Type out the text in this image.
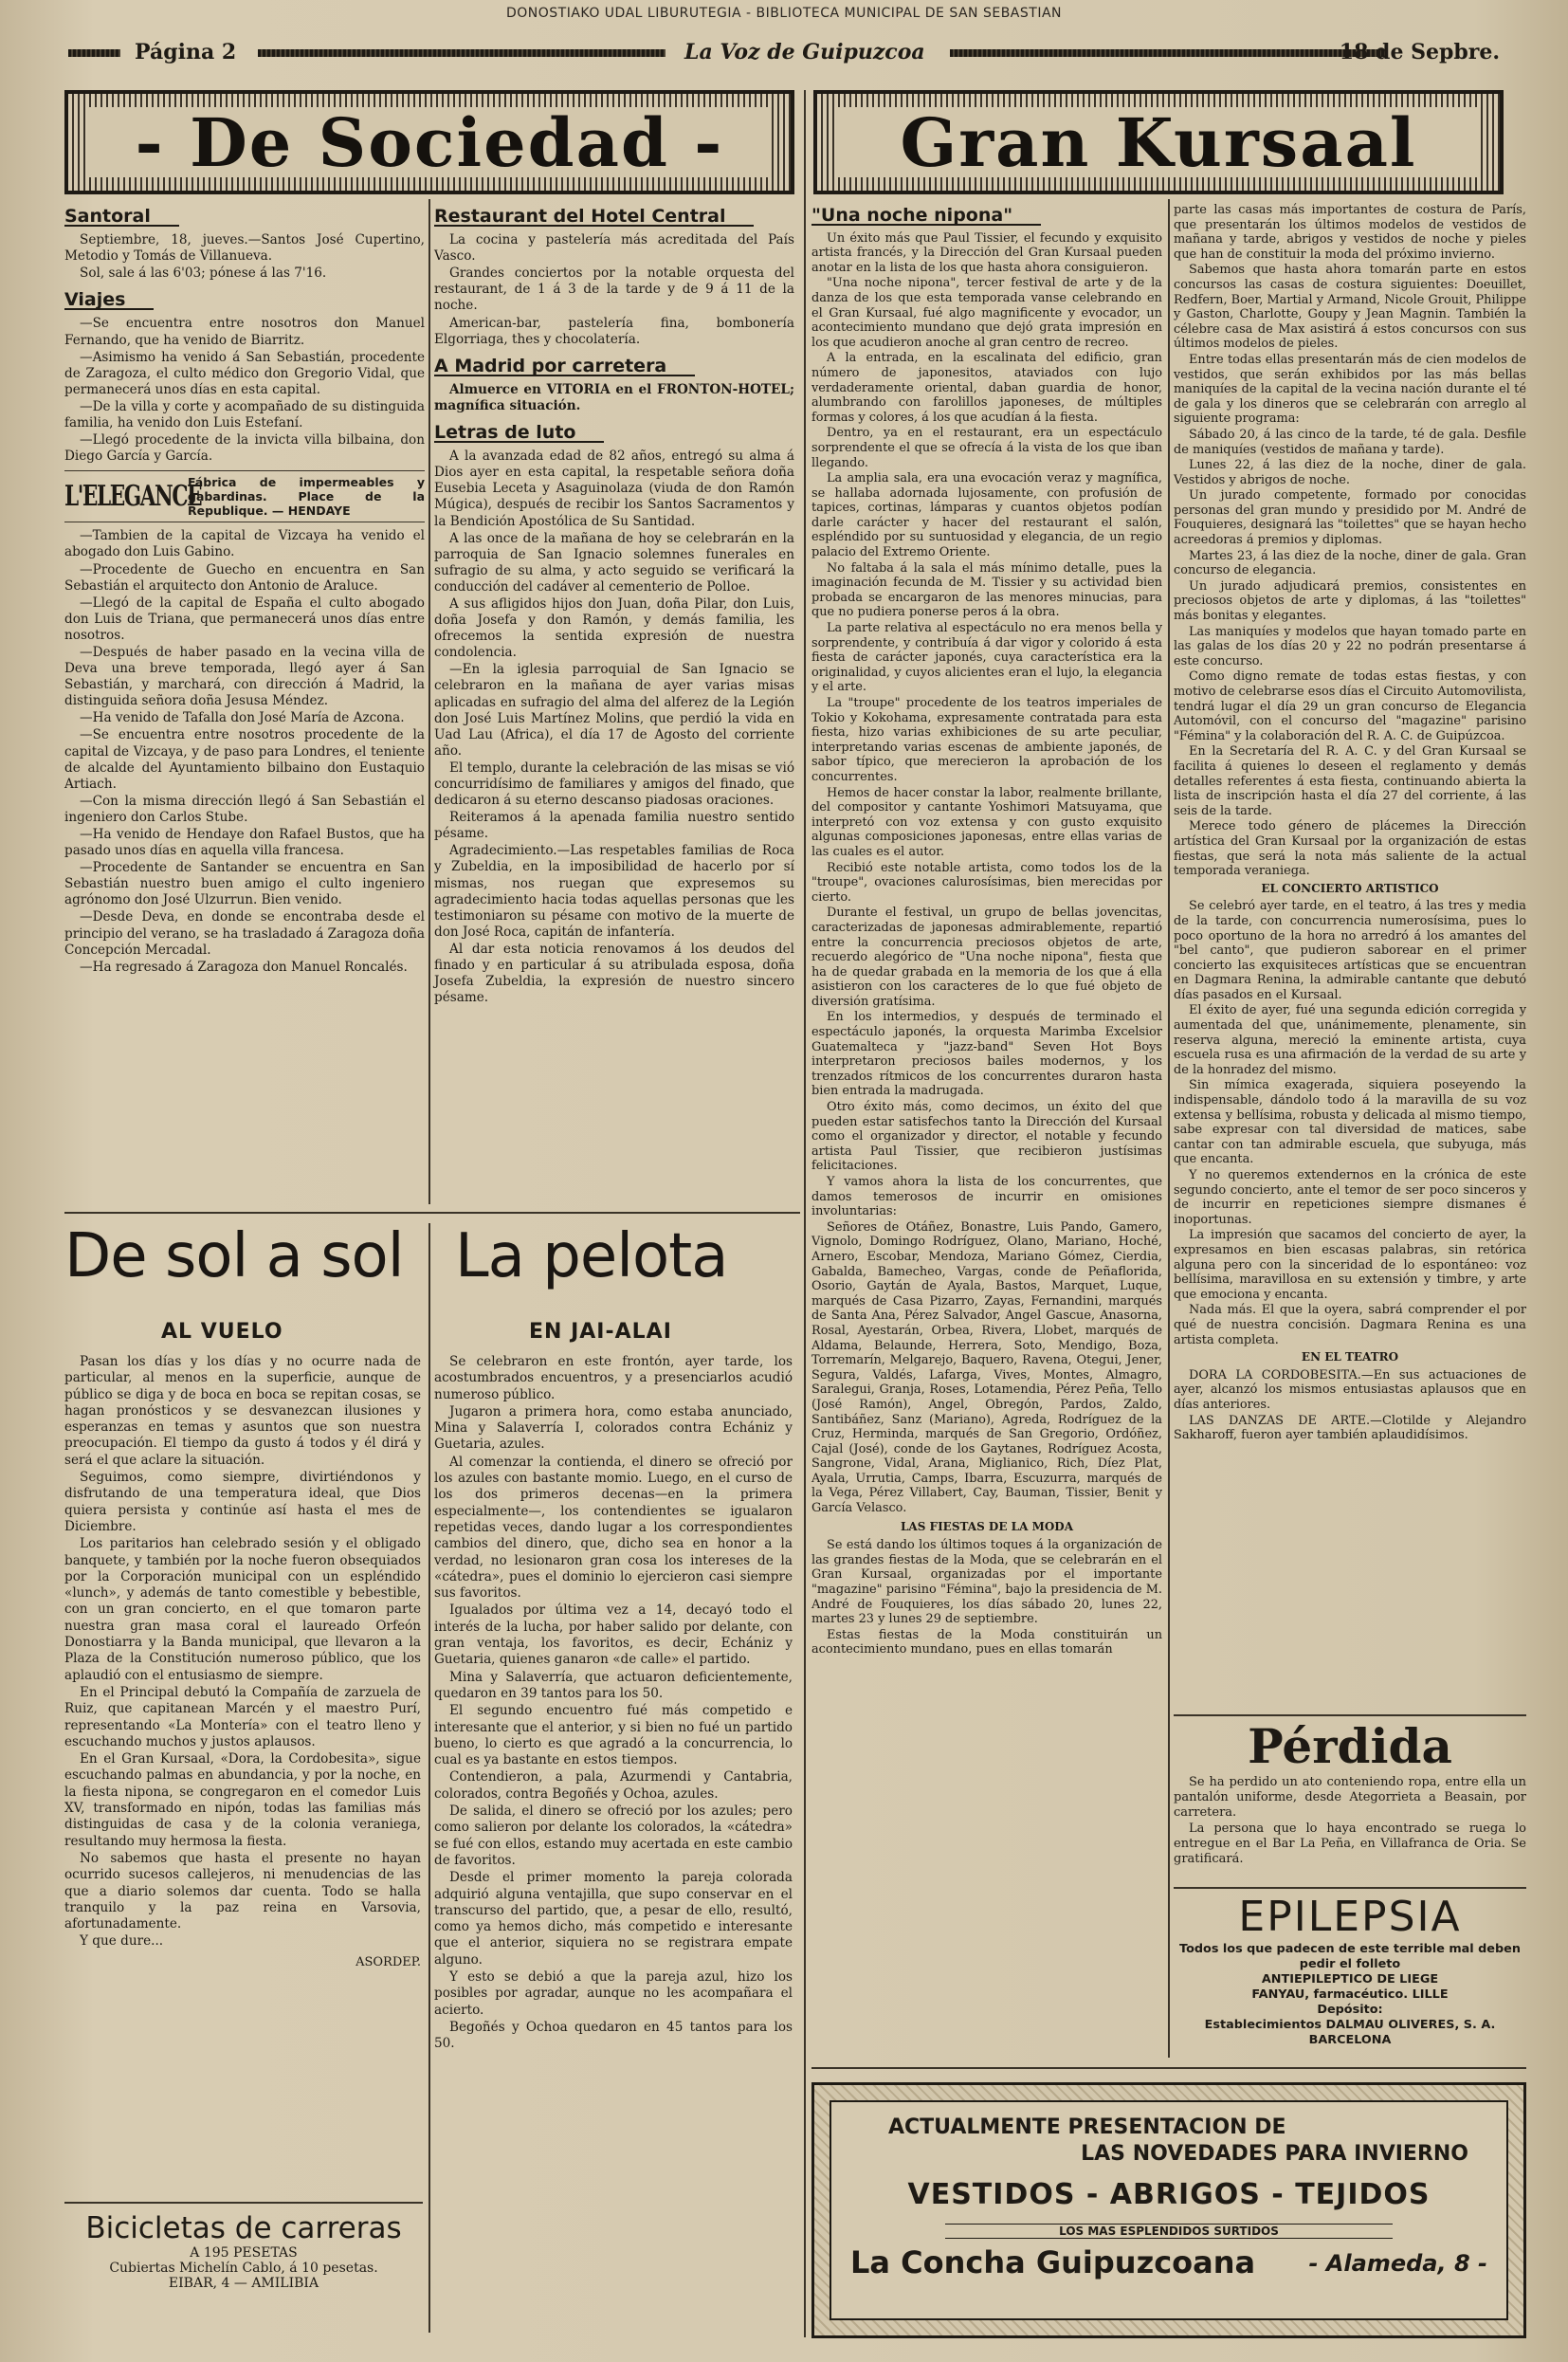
DONOSTIAKO UDAL LIBURUTEGIA - BIBLIOTECA MUNICIPAL DE SAN SEBASTIAN
Página 2	La Voz de Guipuzcoa	18 de Sepbre.
- De Sociedad -	Gran Kursaal
Santoral

Septiembre, 18, jueves.—Santos José Cupertino, Metodio y Tomás de Villanueva.

Sol, sale á las 6'03; pónese á las 7'16.

Viajes

—Se encuentra entre nosotros don Manuel Fernando, que ha venido de Biarritz.

—Asimismo ha venido á San Sebastián, procedente de Zaragoza, el culto médico don Gregorio Vidal, que permanecerá unos días en esta capital.

—De la villa y corte y acompañado de su distinguida familia, ha venido don Luis Estefaní.

—Llegó procedente de la invicta villa bilbaina, don Diego García y García.

L'ELEGANCE
Fábrica de impermeables y gabardinas. Place de la Republique. — HENDAYE

—Tambien de la capital de Vizcaya ha venido el abogado don Luis Gabino.

—Procedente de Guecho en encuentra en San Sebastián el arquitecto don Antonio de Araluce.

—Llegó de la capital de España el culto abogado don Luis de Triana, que permanecerá unos días entre nosotros.

—Después de haber pasado en la vecina villa de Deva una breve temporada, llegó ayer á San Sebastián, y marchará, con dirección á Madrid, la distinguida señora doña Jesusa Méndez.

—Ha venido de Tafalla don José María de Azcona.

—Se encuentra entre nosotros procedente de la capital de Vizcaya, y de paso para Londres, el teniente de alcalde del Ayuntamiento bilbaino don Eustaquio Artiach.

—Con la misma dirección llegó á San Sebastián el ingeniero don Carlos Stube.

—Ha venido de Hendaye don Rafael Bustos, que ha pasado unos días en aquella villa francesa.

—Procedente de Santander se encuentra en San Sebastián nuestro buen amigo el culto ingeniero agrónomo don José Ulzurrun. Bien venido.

—Desde Deva, en donde se encontraba desde el principio del verano, se ha trasladado á Zaragoza doña Concepción Mercadal.

—Ha regresado á Zaragoza don Manuel Roncalés.

Restaurant del Hotel Central

La cocina y pastelería más acreditada del País Vasco.

Grandes conciertos por la notable orquesta del restaurant, de 1 á 3 de la tarde y de 9 á 11 de la noche.

American-bar, pastelería fina, bombonería Elgorriaga, thes y chocolatería.

A Madrid por carretera

Almuerce en VITORIA en el FRONTON-HOTEL; magnífica situación.

Letras de luto

A la avanzada edad de 82 años, entregó su alma á Dios ayer en esta capital, la respetable señora doña Eusebia Leceta y Asaguinolaza (viuda de don Ramón Múgica), después de recibir los Santos Sacramentos y la Bendición Apostólica de Su Santidad.

A las once de la mañana de hoy se celebrarán en la parroquia de San Ignacio solemnes funerales en sufragio de su alma, y acto seguido se verificará la conducción del cadáver al cementerio de Polloe.

A sus afligidos hijos don Juan, doña Pilar, don Luis, doña Josefa y don Ramón, y demás familia, les ofrecemos la sentida expresión de nuestra condolencia.

—En la iglesia parroquial de San Ignacio se celebraron en la mañana de ayer varias misas aplicadas en sufragio del alma del alferez de la Legión don José Luis Martínez Molins, que perdió la vida en Uad Lau (Africa), el día 17 de Agosto del corriente año.

El templo, durante la celebración de las misas se vió concurridísimo de familiares y amigos del finado, que dedicaron á su eterno descanso piadosas oraciones.

Reiteramos á la apenada familia nuestro sentido pésame.

Agradecimiento.—Las respetables familias de Roca y Zubeldia, en la imposibilidad de hacerlo por sí mismas, nos ruegan que expresemos su agradecimiento hacia todas aquellas personas que les testimoniaron su pésame con motivo de la muerte de don José Roca, capitán de infantería.

Al dar esta noticia renovamos á los deudos del finado y en particular á su atribulada esposa, doña Josefa Zubeldia, la expresión de nuestro sincero pésame.

De sol a sol
AL VUELO

Pasan los días y los días y no ocurre nada de particular, al menos en la superficie, aunque de público se diga y de boca en boca se repitan cosas, se hagan pronósticos y se desvanezcan ilusiones y esperanzas en temas y asuntos que son nuestra preocupación. El tiempo da gusto á todos y él dirá y será el que aclare la situación.

Seguimos, como siempre, divirtiéndonos y disfrutando de una temperatura ideal, que Dios quiera persista y continúe así hasta el mes de Diciembre.

Los paritarios han celebrado sesión y el obligado banquete, y también por la noche fueron obsequiados por la Corporación municipal con un espléndido «lunch», y además de tanto comestible y bebestible, con un gran concierto, en el que tomaron parte nuestra gran masa coral el laureado Orfeón Donostiarra y la Banda municipal, que llevaron a la Plaza de la Constitución numeroso público, que los aplaudió con el entusiasmo de siempre.

En el Principal debutó la Compañía de zarzuela de Ruiz, que capitanean Marcén y el maestro Purí, representando «La Montería» con el teatro lleno y escuchando muchos y justos aplausos.

En el Gran Kursaal, «Dora, la Cordobesita», sigue escuchando palmas en abundancia, y por la noche, en la fiesta nipona, se congregaron en el comedor Luis XV, transformado en nipón, todas las familias más distinguidas de casa y de la colonia veraniega, resultando muy hermosa la fiesta.

No sabemos que hasta el presente no hayan ocurrido sucesos callejeros, ni menudencias de las que a diario solemos dar cuenta. Todo se halla tranquilo y la paz reina en Varsovia, afortunadamente.

Y que dure...

ASORDEP.
Bicicletas de carreras
A 195 PESETAS
Cubiertas Michelín Cablo, á 10 pesetas.
EIBAR, 4 — AMILIBIA
La pelota
EN JAI-ALAI

Se celebraron en este frontón, ayer tarde, los acostumbrados encuentros, y a presenciarlos acudió numeroso público.

Jugaron a primera hora, como estaba anunciado, Mina y Salaverría I, colorados contra Echániz y Guetaria, azules.

Al comenzar la contienda, el dinero se ofreció por los azules con bastante momio. Luego, en el curso de los dos primeros decenas—en la primera especialmente—, los contendientes se igualaron repetidas veces, dando lugar a los correspondientes cambios del dinero, que, dicho sea en honor a la verdad, no lesionaron gran cosa los intereses de la «cátedra», pues el dominio lo ejercieron casi siempre sus favoritos.

Igualados por última vez a 14, decayó todo el interés de la lucha, por haber salido por delante, con gran ventaja, los favoritos, es decir, Echániz y Guetaria, quienes ganaron «de calle» el partido.

Mina y Salaverría, que actuaron deficientemente, quedaron en 39 tantos para los 50.

El segundo encuentro fué más competido e interesante que el anterior, y si bien no fué un partido bueno, lo cierto es que agradó a la concurrencia, lo cual es ya bastante en estos tiempos.

Contendieron, a pala, Azurmendi y Cantabria, colorados, contra Begoñés y Ochoa, azules.

De salida, el dinero se ofreció por los azules; pero como salieron por delante los colorados, la «cátedra» se fué con ellos, estando muy acertada en este cambio de favoritos.

Desde el primer momento la pareja colorada adquirió alguna ventajilla, que supo conservar en el transcurso del partido, que, a pesar de ello, resultó, como ya hemos dicho, más competido e interesante que el anterior, siquiera no se registrara empate alguno.

Y esto se debió a que la pareja azul, hizo los posibles por agradar, aunque no les acompañara el acierto.

Begoñés y Ochoa quedaron en 45 tantos para los 50.

"Una noche nipona"

Un éxito más que Paul Tissier, el fecundo y exquisito artista francés, y la Dirección del Gran Kursaal pueden anotar en la lista de los que hasta ahora consiguieron.

"Una noche nipona", tercer festival de arte y de la danza de los que esta temporada vanse celebrando en el Gran Kursaal, fué algo magnificente y evocador, un acontecimiento mundano que dejó grata impresión en los que acudieron anoche al gran centro de recreo.

A la entrada, en la escalinata del edificio, gran número de japonesitos, ataviados con lujo verdaderamente oriental, daban guardia de honor, alumbrando con farolillos japoneses, de múltiples formas y colores, á los que acudían á la fiesta.

Dentro, ya en el restaurant, era un espectáculo sorprendente el que se ofrecía á la vista de los que iban llegando.

La amplia sala, era una evocación veraz y magnífica, se hallaba adornada lujosamente, con profusión de tapices, cortinas, lámparas y cuantos objetos podían darle carácter y hacer del restaurant el salón, espléndido por su suntuosidad y elegancia, de un regio palacio del Extremo Oriente.

No faltaba á la sala el más mínimo detalle, pues la imaginación fecunda de M. Tissier y su actividad bien probada se encargaron de las menores minucias, para que no pudiera ponerse peros á la obra.

La parte relativa al espectáculo no era menos bella y sorprendente, y contribuía á dar vigor y colorido á esta fiesta de carácter japonés, cuya característica era la originalidad, y cuyos alicientes eran el lujo, la elegancia y el arte.

La "troupe" procedente de los teatros imperiales de Tokio y Kokohama, expresamente contratada para esta fiesta, hizo varias exhibiciones de su arte peculiar, interpretando varias escenas de ambiente japonés, de sabor típico, que merecieron la aprobación de los concurrentes.

Hemos de hacer constar la labor, realmente brillante, del compositor y cantante Yoshimori Matsuyama, que interpretó con voz extensa y con gusto exquisito algunas composiciones japonesas, entre ellas varias de las cuales es el autor.

Recibió este notable artista, como todos los de la "troupe", ovaciones calurosísimas, bien merecidas por cierto.

Durante el festival, un grupo de bellas jovencitas, caracterizadas de japonesas admirablemente, repartió entre la concurrencia preciosos objetos de arte, recuerdo alegórico de "Una noche nipona", fiesta que ha de quedar grabada en la memoria de los que á ella asistieron con los caracteres de lo que fué objeto de diversión gratísima.

En los intermedios, y después de terminado el espectáculo japonés, la orquesta Marimba Excelsior Guatemalteca y "jazz-band" Seven Hot Boys interpretaron preciosos bailes modernos, y los trenzados rítmicos de los concurrentes duraron hasta bien entrada la madrugada.

Otro éxito más, como decimos, un éxito del que pueden estar satisfechos tanto la Dirección del Kursaal como el organizador y director, el notable y fecundo artista Paul Tissier, que recibieron justísimas felicitaciones.

Y vamos ahora la lista de los concurrentes, que damos temerosos de incurrir en omisiones involuntarias:

Señores de Otáñez, Bonastre, Luis Pando, Gamero, Vignolo, Domingo Rodríguez, Olano, Mariano, Hoché, Arnero, Escobar, Mendoza, Mariano Gómez, Cierdia, Gabalda, Bamecheo, Vargas, conde de Peñaflorida, Osorio, Gaytán de Ayala, Bastos, Marquet, Luque, marqués de Casa Pizarro, Zayas, Fernandini, marqués de Santa Ana, Pérez Salvador, Angel Gascue, Anasorna, Rosal, Ayestarán, Orbea, Rivera, Llobet, marqués de Aldama, Belaunde, Herrera, Soto, Mendigo, Boza, Torremarín, Melgarejo, Baquero, Ravena, Otegui, Jener, Segura, Valdés, Lafarga, Vives, Montes, Almagro, Saralegui, Granja, Roses, Lotamendia, Pérez Peña, Tello (José Ramón), Angel, Obregón, Pardos, Zaldo, Santibáñez, Sanz (Mariano), Agreda, Rodríguez de la Cruz, Herminda, marqués de San Gregorio, Ordóñez, Cajal (José), conde de los Gaytanes, Rodríguez Acosta, Sangrone, Vidal, Arana, Miglianico, Rich, Díez Plat, Ayala, Urrutia, Camps, Ibarra, Escuzurra, marqués de la Vega, Pérez Villabert, Cay, Bauman, Tissier, Benit y García Velasco.

LAS FIESTAS DE LA MODA

Se está dando los últimos toques á la organización de las grandes fiestas de la Moda, que se celebrarán en el Gran Kursaal, organizadas por el importante "magazine" parisino "Fémina", bajo la presidencia de M. André de Fouquieres, los días sábado 20, lunes 22, martes 23 y lunes 29 de septiembre.

Estas fiestas de la Moda constituirán un acontecimiento mundano, pues en ellas tomarán

parte las casas más importantes de costura de París, que presentarán los últimos modelos de vestidos de mañana y tarde, abrigos y vestidos de noche y pieles que han de constituir la moda del próximo invierno.

Sabemos que hasta ahora tomarán parte en estos concursos las casas de costura siguientes: Doeuillet, Redfern, Boer, Martial y Armand, Nicole Grouit, Philippe y Gaston, Charlotte, Goupy y Jean Magnin. También la célebre casa de Max asistirá á estos concursos con sus últimos modelos de pieles.

Entre todas ellas presentarán más de cien modelos de vestidos, que serán exhibidos por las más bellas maniquíes de la capital de la vecina nación durante el té de gala y los dineros que se celebrarán con arreglo al siguiente programa:

Sábado 20, á las cinco de la tarde, té de gala. Desfile de maniquíes (vestidos de mañana y tarde).

Lunes 22, á las diez de la noche, diner de gala. Vestidos y abrigos de noche.

Un jurado competente, formado por conocidas personas del gran mundo y presidido por M. André de Fouquieres, designará las "toilettes" que se hayan hecho acreedoras á premios y diplomas.

Martes 23, á las diez de la noche, diner de gala. Gran concurso de elegancia.

Un jurado adjudicará premios, consistentes en preciosos objetos de arte y diplomas, á las "toilettes" más bonitas y elegantes.

Las maniquíes y modelos que hayan tomado parte en las galas de los días 20 y 22 no podrán presentarse á este concurso.

Como digno remate de todas estas fiestas, y con motivo de celebrarse esos días el Circuito Automovilista, tendrá lugar el día 29 un gran concurso de Elegancia Automóvil, con el concurso del "magazine" parisino "Fémina" y la colaboración del R. A. C. de Guipúzcoa.

En la Secretaría del R. A. C. y del Gran Kursaal se facilita á quienes lo deseen el reglamento y demás detalles referentes á esta fiesta, continuando abierta la lista de inscripción hasta el día 27 del corriente, á las seis de la tarde.

Merece todo género de plácemes la Dirección artística del Gran Kursaal por la organización de estas fiestas, que será la nota más saliente de la actual temporada veraniega.

EL CONCIERTO ARTISTICO

Se celebró ayer tarde, en el teatro, á las tres y media de la tarde, con concurrencia numerosísima, pues lo poco oportuno de la hora no arredró á los amantes del "bel canto", que pudieron saborear en el primer concierto las exquisiteces artísticas que se encuentran en Dagmara Renina, la admirable cantante que debutó días pasados en el Kursaal.

El éxito de ayer, fué una segunda edición corregida y aumentada del que, unánimemente, plenamente, sin reserva alguna, mereció la eminente artista, cuya escuela rusa es una afirmación de la verdad de su arte y de la honradez del mismo.

Sin mímica exagerada, siquiera poseyendo la indispensable, dándolo todo á la maravilla de su voz extensa y bellísima, robusta y delicada al mismo tiempo, sabe expresar con tal diversidad de matices, sabe cantar con tan admirable escuela, que subyuga, más que encanta.

Y no queremos extendernos en la crónica de este segundo concierto, ante el temor de ser poco sinceros y de incurrir en repeticiones siempre dismanes é inoportunas.

La impresión que sacamos del concierto de ayer, la expresamos en bien escasas palabras, sin retórica alguna pero con la sinceridad de lo espontáneo: voz bellísima, maravillosa en su extensión y timbre, y arte que emociona y encanta.

Nada más. El que la oyera, sabrá comprender el por qué de nuestra concisión. Dagmara Renina es una artista completa.

EN EL TEATRO

DORA LA CORDOBESITA.—En sus actuaciones de ayer, alcanzó los mismos entusiastas aplausos que en días anteriores.

LAS DANZAS DE ARTE.—Clotilde y Alejandro Sakharoff, fueron ayer también aplaudidísimos.

Pérdida

Se ha perdido un ato conteniendo ropa, entre ella un pantalón uniforme, desde Ategorrieta a Beasain, por carretera.

La persona que lo haya encontrado se ruega lo entregue en el Bar La Peña, en Villafranca de Oria. Se gratificará.

EPILEPSIA
Todos los que padecen de este terrible mal deben pedir el folleto
ANTIEPILEPTICO DE LIEGE
FANYAU, farmacéutico. LILLE
Depósito:
Establecimientos DALMAU OLIVERES, S. A.
BARCELONA
ACTUALMENTE PRESENTACION DE
LAS NOVEDADES PARA INVIERNO
VESTIDOS - ABRIGOS - TEJIDOS
LOS MAS ESPLENDIDOS SURTIDOS
La Concha Guipuzcoana - Alameda, 8 -
